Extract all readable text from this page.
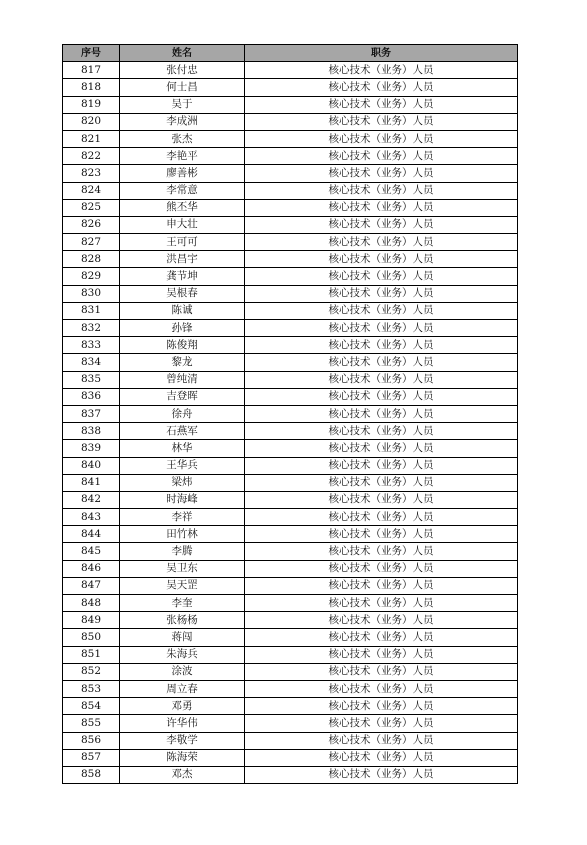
序号	姓名	职务
817	张付忠	核心技术（业务）人员
818	何士昌	核心技术（业务）人员
819	吴于	核心技术（业务）人员
820	李成洲	核心技术（业务）人员
821	张杰	核心技术（业务）人员
822	李艳平	核心技术（业务）人员
823	廖善彬	核心技术（业务）人员
824	李常意	核心技术（业务）人员
825	熊丕华	核心技术（业务）人员
826	申大壮	核心技术（业务）人员
827	王可可	核心技术（业务）人员
828	洪昌宇	核心技术（业务）人员
829	龚节坤	核心技术（业务）人员
830	吴根春	核心技术（业务）人员
831	陈诚	核心技术（业务）人员
832	孙锋	核心技术（业务）人员
833	陈俊翔	核心技术（业务）人员
834	黎龙	核心技术（业务）人员
835	曾纯清	核心技术（业务）人员
836	吉登晖	核心技术（业务）人员
837	徐舟	核心技术（业务）人员
838	石燕军	核心技术（业务）人员
839	林华	核心技术（业务）人员
840	王华兵	核心技术（业务）人员
841	梁炜	核心技术（业务）人员
842	时海峰	核心技术（业务）人员
843	李祥	核心技术（业务）人员
844	田竹林	核心技术（业务）人员
845	李腾	核心技术（业务）人员
846	吴卫东	核心技术（业务）人员
847	吴天罡	核心技术（业务）人员
848	李奎	核心技术（业务）人员
849	张杨杨	核心技术（业务）人员
850	蒋闯	核心技术（业务）人员
851	朱海兵	核心技术（业务）人员
852	涂波	核心技术（业务）人员
853	周立春	核心技术（业务）人员
854	邓勇	核心技术（业务）人员
855	许华伟	核心技术（业务）人员
856	李敬学	核心技术（业务）人员
857	陈海荣	核心技术（业务）人员
858	邓杰	核心技术（业务）人员
